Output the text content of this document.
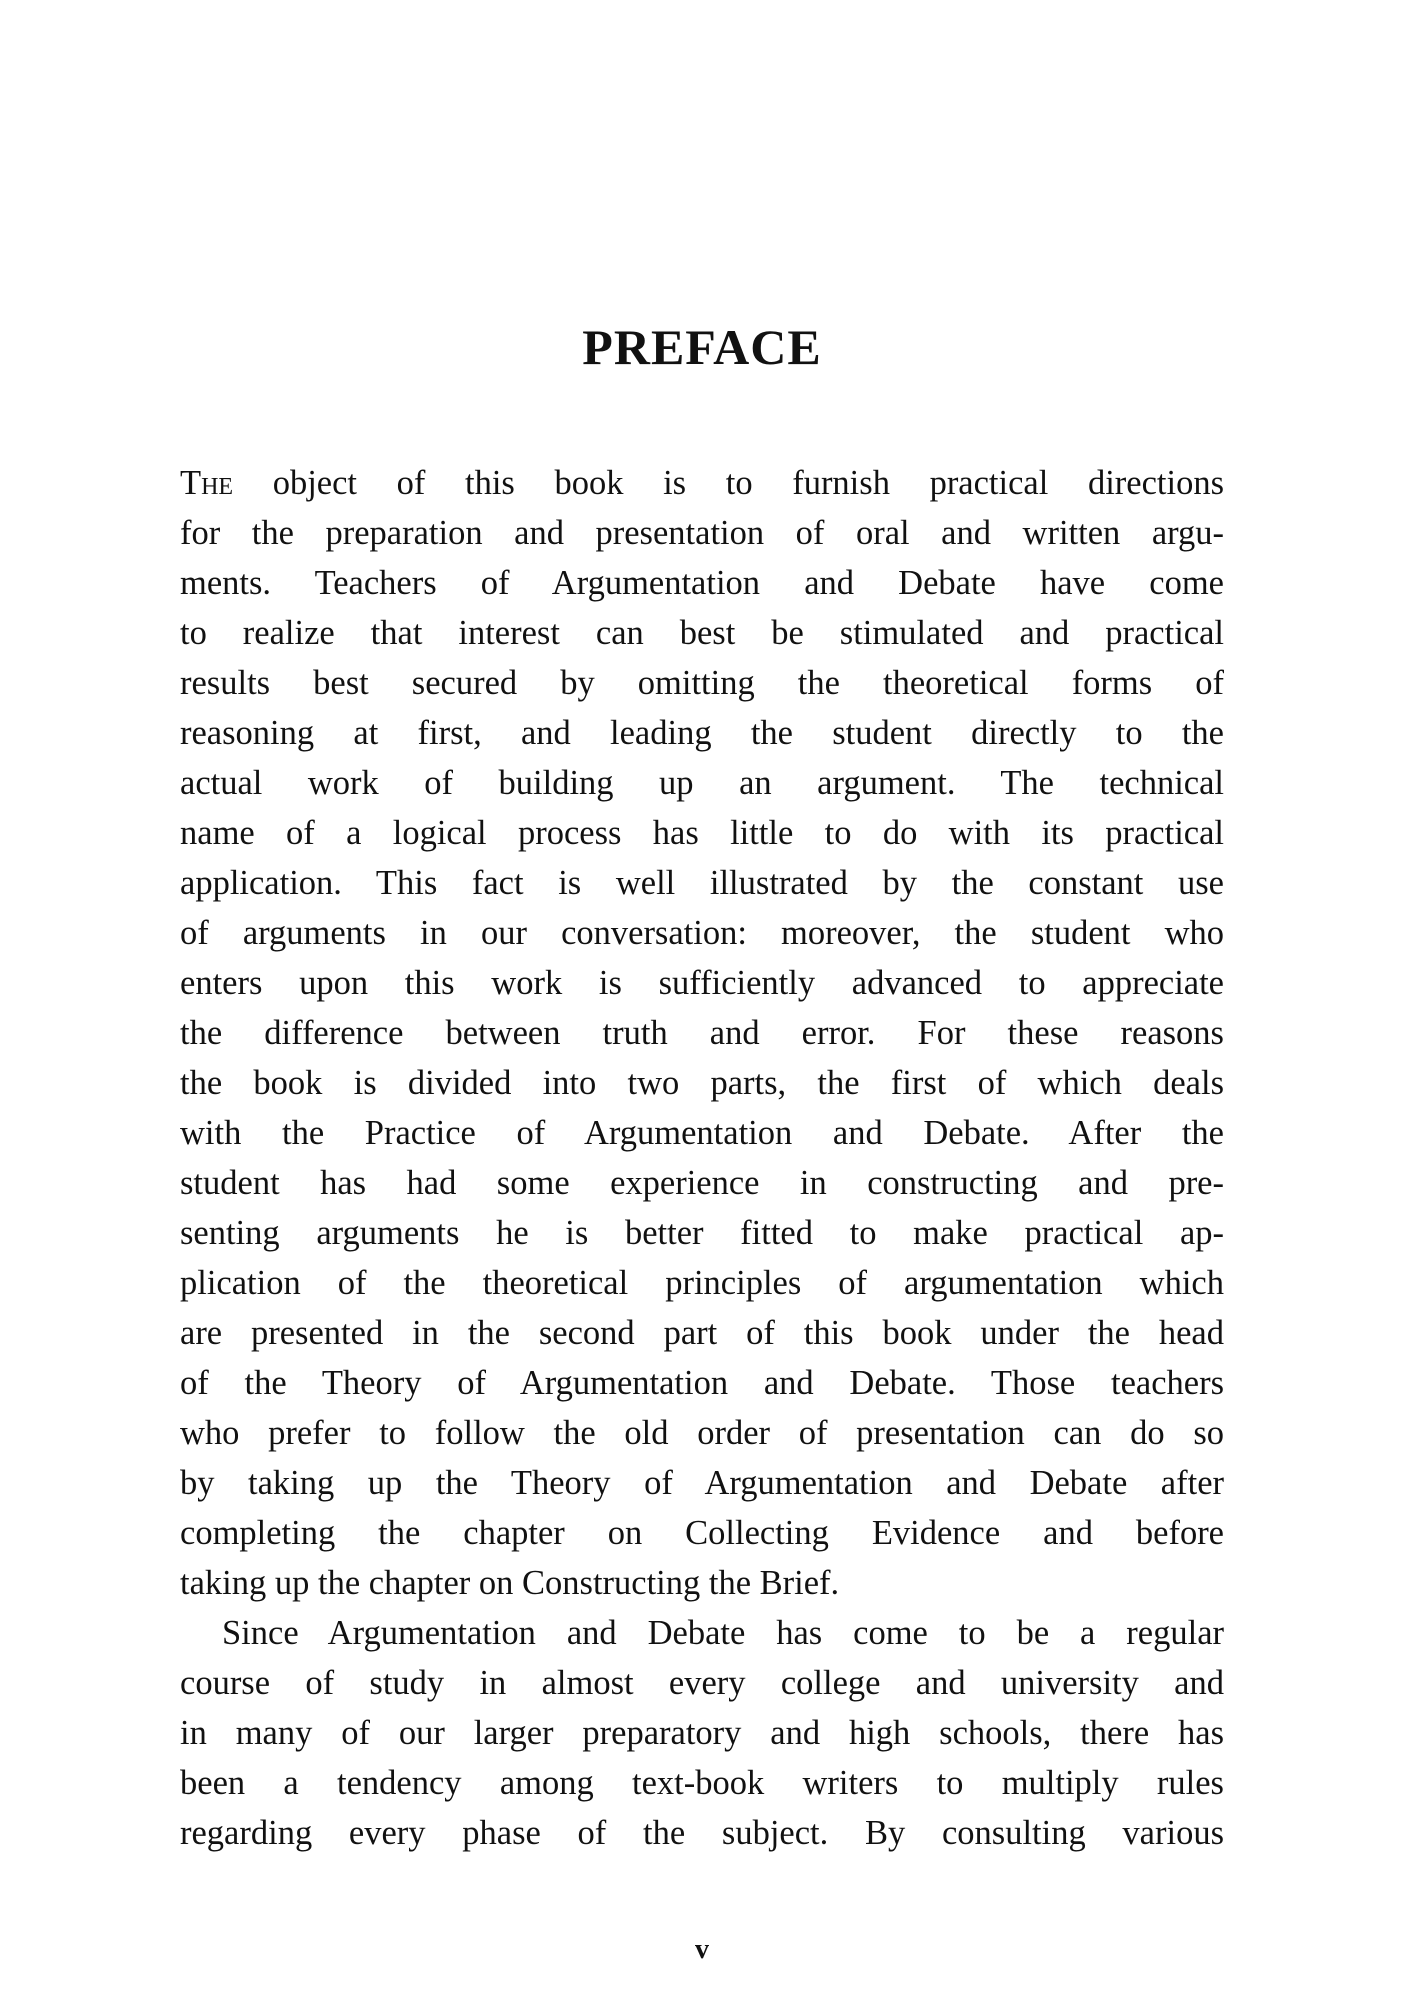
PREFACE
The object of this book is to furnish practical directions
for the preparation and presentation of oral and written argu-
ments. Teachers of Argumentation and Debate have come
to realize that interest can best be stimulated and practical
results best secured by omitting the theoretical forms of
reasoning at first, and leading the student directly to the
actual work of building up an argument. The technical
name of a logical process has little to do with its practical
application. This fact is well illustrated by the constant use
of arguments in our conversation: moreover, the student who
enters upon this work is sufficiently advanced to appreciate
the difference between truth and error. For these reasons
the book is divided into two parts, the first of which deals
with the Practice of Argumentation and Debate. After the
student has had some experience in constructing and pre-
senting arguments he is better fitted to make practical ap-
plication of the theoretical principles of argumentation which
are presented in the second part of this book under the head
of the Theory of Argumentation and Debate. Those teachers
who prefer to follow the old order of presentation can do so
by taking up the Theory of Argumentation and Debate after
completing the chapter on Collecting Evidence and before
taking up the chapter on Constructing the Brief.
Since Argumentation and Debate has come to be a regular
course of study in almost every college and university and
in many of our larger preparatory and high schools, there has
been a tendency among text-book writers to multiply rules
regarding every phase of the subject. By consulting various
v
